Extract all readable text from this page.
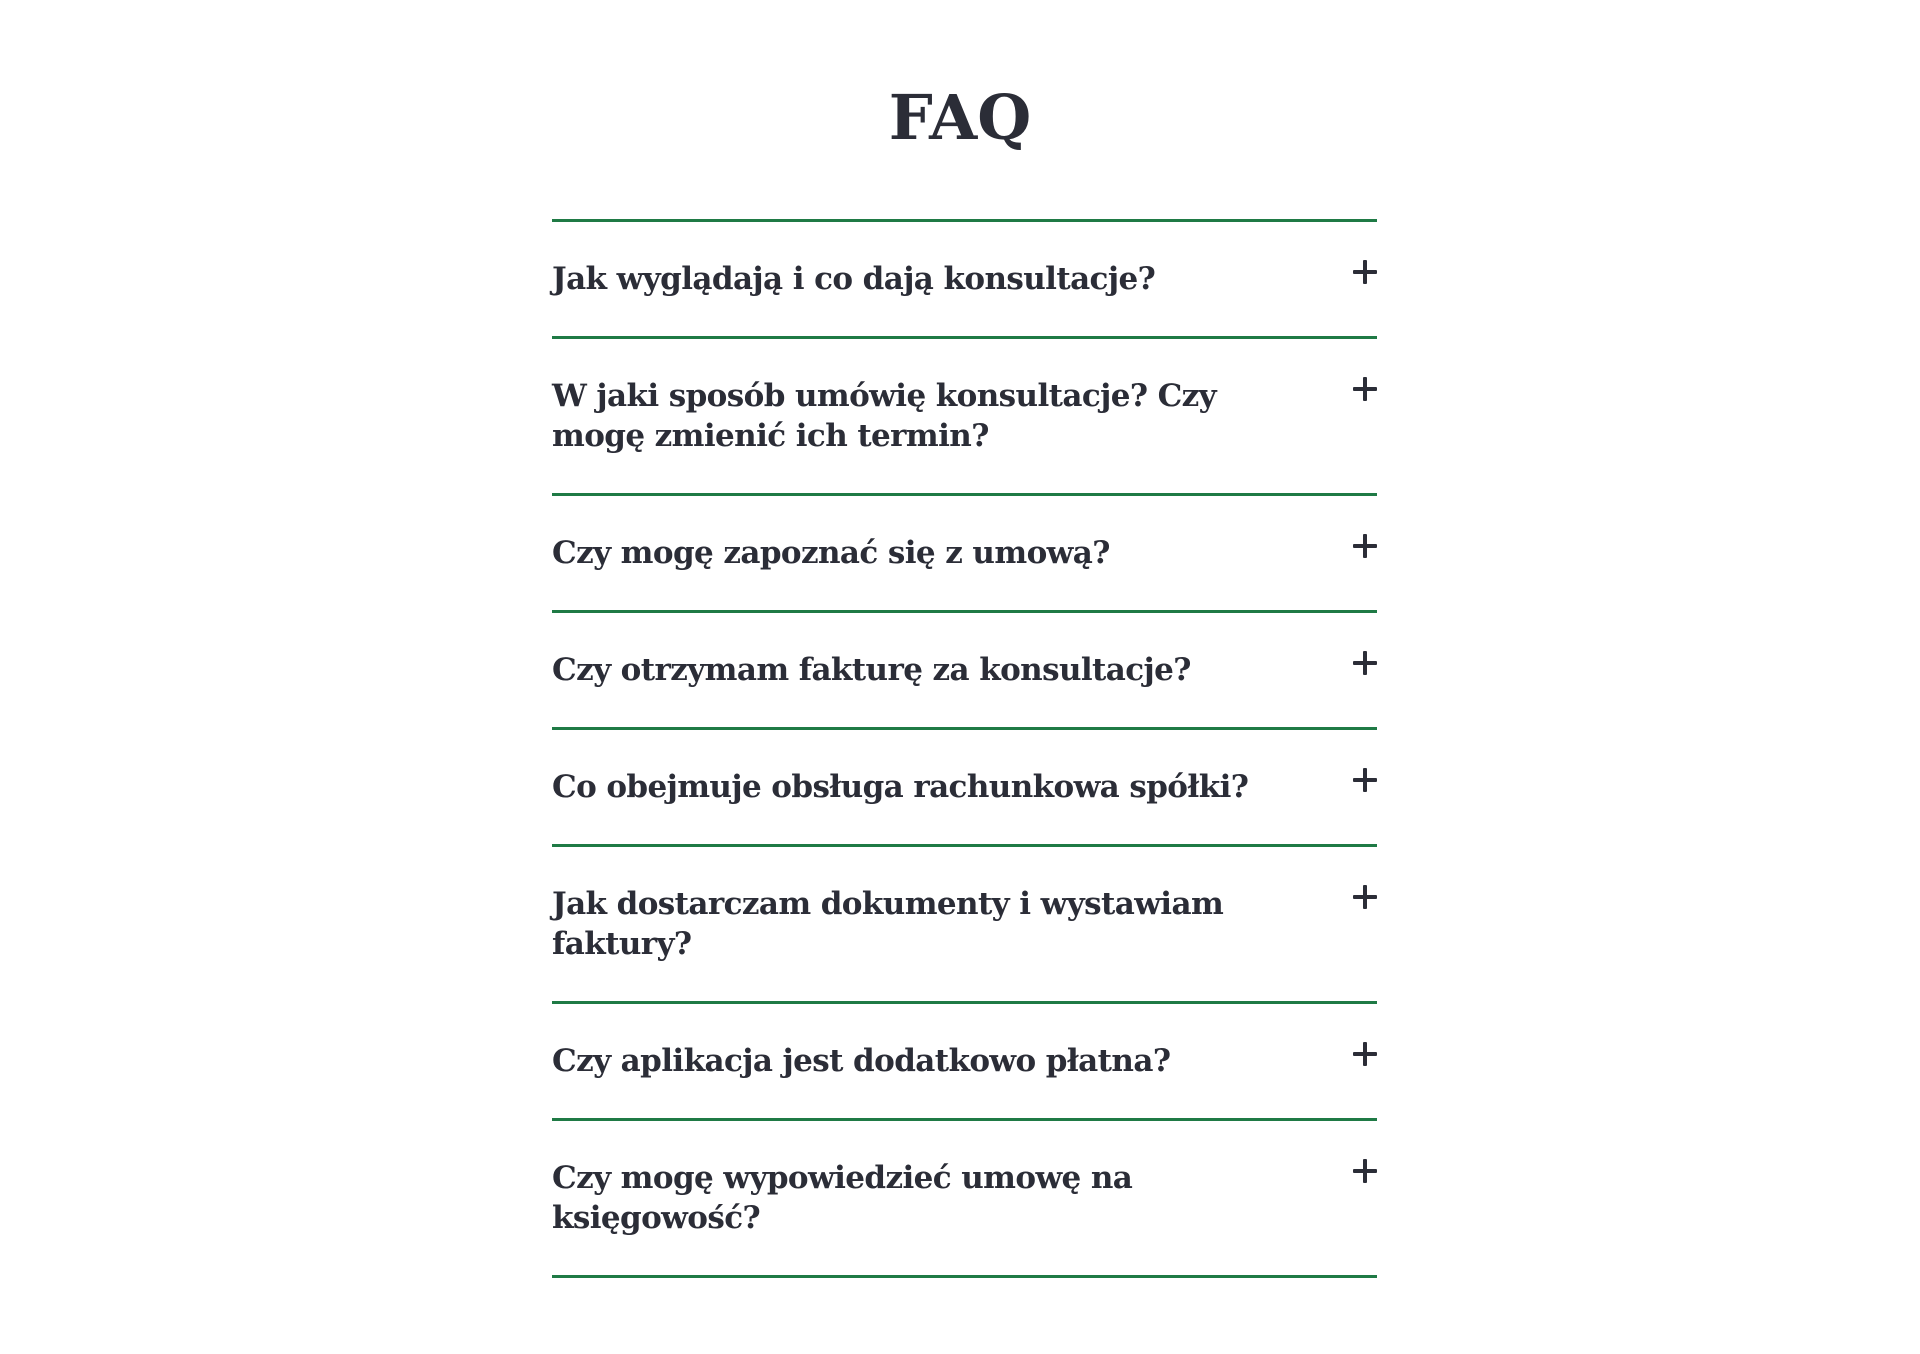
FAQ
Jak wyglądają i co dają konsultacje?
W jaki sposób umówię konsultacje? Czy mogę zmienić ich termin?
Czy mogę zapoznać się z umową?
Czy otrzymam fakturę za konsultacje?
Co obejmuje obsługa rachunkowa spółki?
Jak dostarczam dokumenty i wystawiam faktury?
Czy aplikacja jest dodatkowo płatna?
Czy mogę wypowiedzieć umowę na księgowość?
